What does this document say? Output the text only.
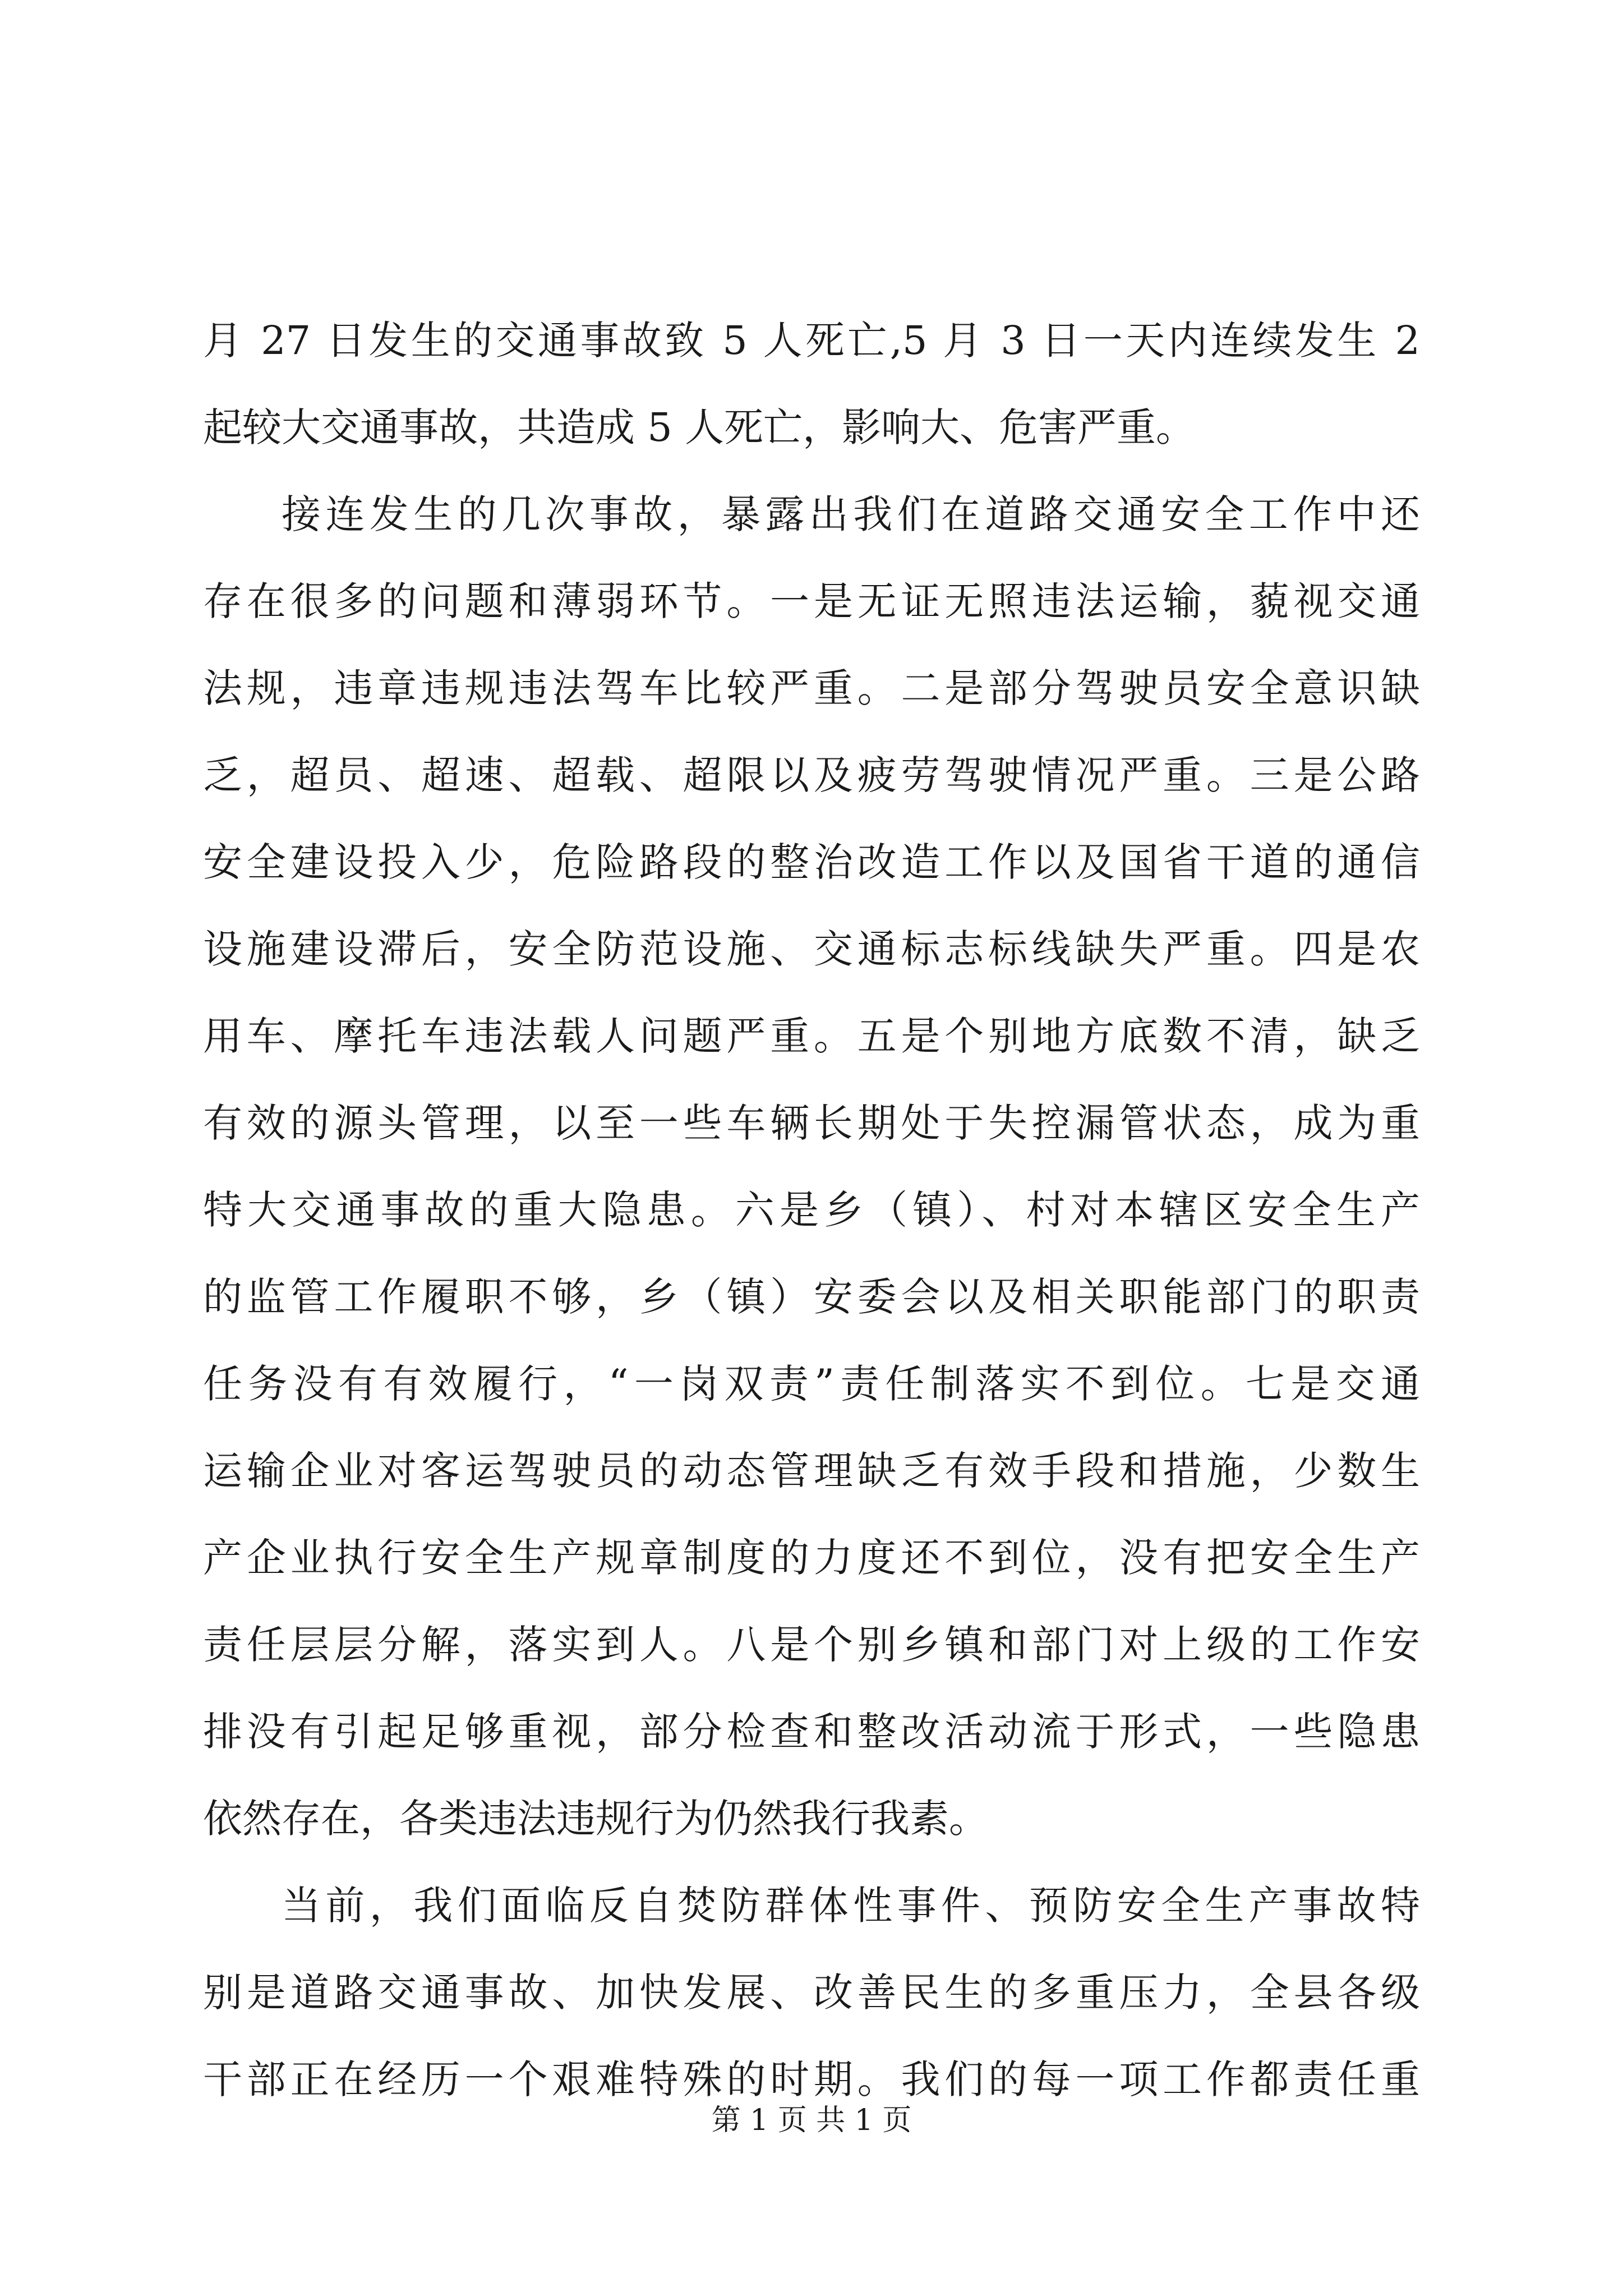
月 27 日发生的交通事故致 5 人死亡,5 月 3 日一天内连续发生 2
起较大交通事故，共造成 5 人死亡，影响大、危害严重。
接连发生的几次事故，暴露出我们在道路交通安全工作中还
存在很多的问题和薄弱环节。一是无证无照违法运输，藐视交通
法规，违章违规违法驾车比较严重。二是部分驾驶员安全意识缺
乏，超员、超速、超载、超限以及疲劳驾驶情况严重。三是公路
安全建设投入少，危险路段的整治改造工作以及国省干道的通信
设施建设滞后，安全防范设施、交通标志标线缺失严重。四是农
用车、摩托车违法载人问题严重。五是个别地方底数不清，缺乏
有效的源头管理，以至一些车辆长期处于失控漏管状态，成为重
特大交通事故的重大隐患。六是乡（镇）、村对本辖区安全生产
的监管工作履职不够，乡（镇）安委会以及相关职能部门的职责
任务没有有效履行，“一岗双责”责任制落实不到位。七是交通
运输企业对客运驾驶员的动态管理缺乏有效手段和措施，少数生
产企业执行安全生产规章制度的力度还不到位，没有把安全生产
责任层层分解，落实到人。八是个别乡镇和部门对上级的工作安
排没有引起足够重视，部分检查和整改活动流于形式，一些隐患
依然存在，各类违法违规行为仍然我行我素。
当前，我们面临反自焚防群体性事件、预防安全生产事故特
别是道路交通事故、加快发展、改善民生的多重压力，全县各级
干部正在经历一个艰难特殊的时期。我们的每一项工作都责任重
第 1 页 共 1 页
